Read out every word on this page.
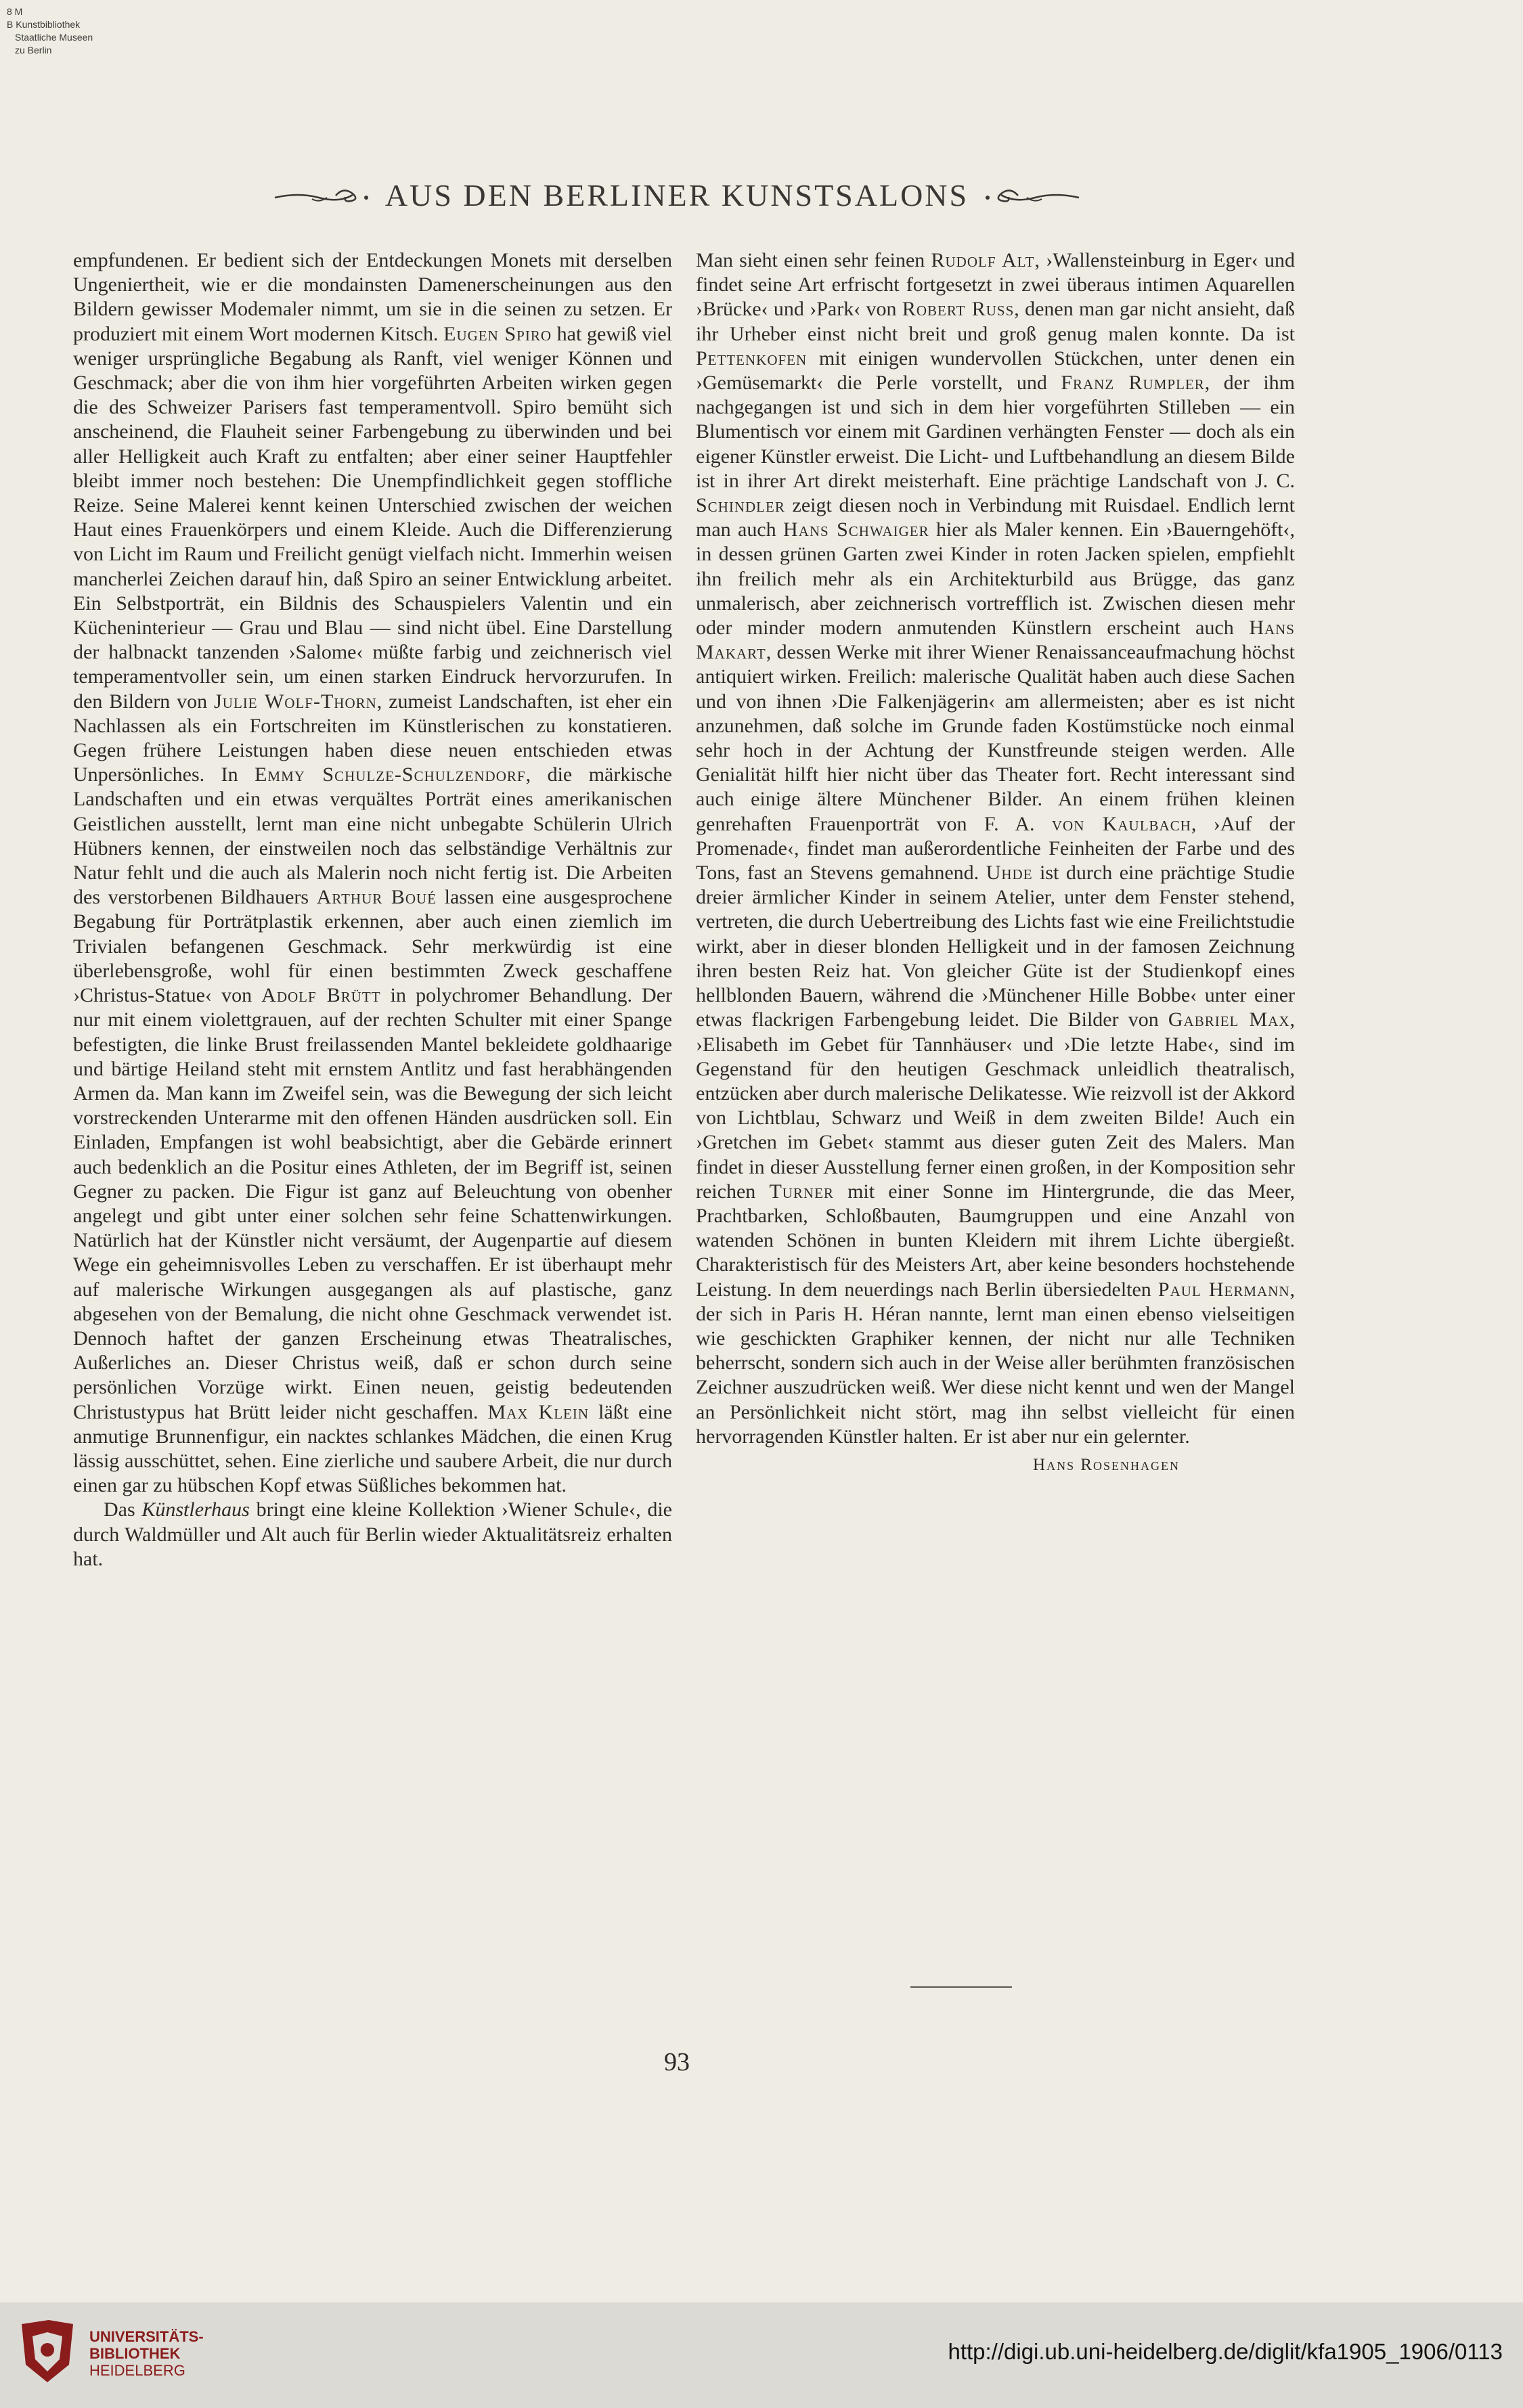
8 M
B Kunstbibliothek
Staatliche Museen
zu Berlin
AUS DEN BERLINER KUNSTSALONS

empfundenen. Er bedient sich der Entdeckungen Monets mit derselben Ungeniertheit, wie er die mondainsten Damenerscheinungen aus den Bildern gewisser Modemaler nimmt, um sie in die seinen zu setzen. Er produziert mit einem Wort modernen Kitsch. Eugen Spiro hat gewiß viel weniger ursprüngliche Begabung als Ranft, viel weniger Können und Geschmack; aber die von ihm hier vorgeführten Arbeiten wirken gegen die des Schweizer Parisers fast temperamentvoll. Spiro bemüht sich anscheinend, die Flauheit seiner Farbengebung zu überwinden und bei aller Helligkeit auch Kraft zu entfalten; aber einer seiner Hauptfehler bleibt immer noch bestehen: Die Unempfindlichkeit gegen stoffliche Reize. Seine Malerei kennt keinen Unterschied zwischen der weichen Haut eines Frauenkörpers und einem Kleide. Auch die Differenzierung von Licht im Raum und Freilicht genügt vielfach nicht. Immerhin weisen mancherlei Zeichen darauf hin, daß Spiro an seiner Entwicklung arbeitet. Ein Selbstporträt, ein Bildnis des Schauspielers Valentin und ein Kücheninterieur — Grau und Blau — sind nicht übel. Eine Darstellung der halbnackt tanzenden ›Salome‹ müßte farbig und zeichnerisch viel temperamentvoller sein, um einen starken Eindruck hervorzurufen. In den Bildern von Julie Wolf-Thorn, zumeist Landschaften, ist eher ein Nachlassen als ein Fortschreiten im Künstlerischen zu konstatieren. Gegen frühere Leistungen haben diese neuen entschieden etwas Unpersönliches. In Emmy Schulze-Schulzendorf, die märkische Landschaften und ein etwas verquältes Porträt eines amerikanischen Geistlichen ausstellt, lernt man eine nicht unbegabte Schülerin Ulrich Hübners kennen, der einstweilen noch das selbständige Verhältnis zur Natur fehlt und die auch als Malerin noch nicht fertig ist. Die Arbeiten des verstorbenen Bildhauers Arthur Boué lassen eine ausgesprochene Begabung für Porträtplastik erkennen, aber auch einen ziemlich im Trivialen befangenen Geschmack. Sehr merkwürdig ist eine überlebensgroße, wohl für einen bestimmten Zweck geschaffene ›Christus-Statue‹ von Adolf Brütt in polychromer Behandlung. Der nur mit einem violettgrauen, auf der rechten Schulter mit einer Spange befestigten, die linke Brust freilassenden Mantel bekleidete goldhaarige und bärtige Heiland steht mit ernstem Antlitz und fast herabhängenden Armen da. Man kann im Zweifel sein, was die Bewegung der sich leicht vorstreckenden Unterarme mit den offenen Händen ausdrücken soll. Ein Einladen, Empfangen ist wohl beabsichtigt, aber die Gebärde erinnert auch bedenklich an die Positur eines Athleten, der im Begriff ist, seinen Gegner zu packen. Die Figur ist ganz auf Beleuchtung von obenher angelegt und gibt unter einer solchen sehr feine Schattenwirkungen. Natürlich hat der Künstler nicht versäumt, der Augenpartie auf diesem Wege ein geheimnisvolles Leben zu verschaffen. Er ist überhaupt mehr auf malerische Wirkungen ausgegangen als auf plastische, ganz abgesehen von der Bemalung, die nicht ohne Geschmack verwendet ist. Dennoch haftet der ganzen Erscheinung etwas Theatralisches, Außerliches an. Dieser Christus weiß, daß er schon durch seine persönlichen Vorzüge wirkt. Einen neuen, geistig bedeutenden Christustypus hat Brütt leider nicht geschaffen. Max Klein läßt eine anmutige Brunnenfigur, ein nacktes schlankes Mädchen, die einen Krug lässig ausschüttet, sehen. Eine zierliche und saubere Arbeit, die nur durch einen gar zu hübschen Kopf etwas Süßliches bekommen hat.

Das Künstlerhaus bringt eine kleine Kollektion ›Wiener Schule‹, die durch Waldmüller und Alt auch für Berlin wieder Aktualitätsreiz erhalten hat.

Man sieht einen sehr feinen Rudolf Alt, ›Wallensteinburg in Eger‹ und findet seine Art erfrischt fortgesetzt in zwei überaus intimen Aquarellen ›Brücke‹ und ›Park‹ von Robert Russ, denen man gar nicht ansieht, daß ihr Urheber einst nicht breit und groß genug malen konnte. Da ist Pettenkofen mit einigen wundervollen Stückchen, unter denen ein ›Gemüsemarkt‹ die Perle vorstellt, und Franz Rumpler, der ihm nachgegangen ist und sich in dem hier vorgeführten Stilleben — ein Blumentisch vor einem mit Gardinen verhängten Fenster — doch als ein eigener Künstler erweist. Die Licht- und Luftbehandlung an diesem Bilde ist in ihrer Art direkt meisterhaft. Eine prächtige Landschaft von J. C. Schindler zeigt diesen noch in Verbindung mit Ruisdael. Endlich lernt man auch Hans Schwaiger hier als Maler kennen. Ein ›Bauerngehöft‹, in dessen grünen Garten zwei Kinder in roten Jacken spielen, empfiehlt ihn freilich mehr als ein Architekturbild aus Brügge, das ganz unmalerisch, aber zeichnerisch vortrefflich ist. Zwischen diesen mehr oder minder modern anmutenden Künstlern erscheint auch Hans Makart, dessen Werke mit ihrer Wiener Renaissanceaufmachung höchst antiquiert wirken. Freilich: malerische Qualität haben auch diese Sachen und von ihnen ›Die Falkenjägerin‹ am allermeisten; aber es ist nicht anzunehmen, daß solche im Grunde faden Kostümstücke noch einmal sehr hoch in der Achtung der Kunstfreunde steigen werden. Alle Genialität hilft hier nicht über das Theater fort. Recht interessant sind auch einige ältere Münchener Bilder. An einem frühen kleinen genrehaften Frauenporträt von F. A. von Kaulbach, ›Auf der Promenade‹, findet man außerordentliche Feinheiten der Farbe und des Tons, fast an Stevens gemahnend. Uhde ist durch eine prächtige Studie dreier ärmlicher Kinder in seinem Atelier, unter dem Fenster stehend, vertreten, die durch Uebertreibung des Lichts fast wie eine Freilichtstudie wirkt, aber in dieser blonden Helligkeit und in der famosen Zeichnung ihren besten Reiz hat. Von gleicher Güte ist der Studienkopf eines hellblonden Bauern, während die ›Münchener Hille Bobbe‹ unter einer etwas flackrigen Farbengebung leidet. Die Bilder von Gabriel Max, ›Elisabeth im Gebet für Tannhäuser‹ und ›Die letzte Habe‹, sind im Gegenstand für den heutigen Geschmack unleidlich theatralisch, entzücken aber durch malerische Delikatesse. Wie reizvoll ist der Akkord von Lichtblau, Schwarz und Weiß in dem zweiten Bilde! Auch ein ›Gretchen im Gebet‹ stammt aus dieser guten Zeit des Malers. Man findet in dieser Ausstellung ferner einen großen, in der Komposition sehr reichen Turner mit einer Sonne im Hintergrunde, die das Meer, Prachtbarken, Schloßbauten, Baumgruppen und eine Anzahl von watenden Schönen in bunten Kleidern mit ihrem Lichte übergießt. Charakteristisch für des Meisters Art, aber keine besonders hochstehende Leistung. In dem neuerdings nach Berlin übersiedelten Paul Hermann, der sich in Paris H. Héran nannte, lernt man einen ebenso vielseitigen wie geschickten Graphiker kennen, der nicht nur alle Techniken beherrscht, sondern sich auch in der Weise aller berühmten französischen Zeichner auszudrücken weiß. Wer diese nicht kennt und wen der Mangel an Persönlichkeit nicht stört, mag ihn selbst vielleicht für einen hervorragenden Künstler halten. Er ist aber nur ein gelernter.

Hans Rosenhagen
93
UNIVERSITÄTS-
BIBLIOTHEK
HEIDELBERG
http://digi.ub.uni-heidelberg.de/diglit/kfa1905_1906/0113
